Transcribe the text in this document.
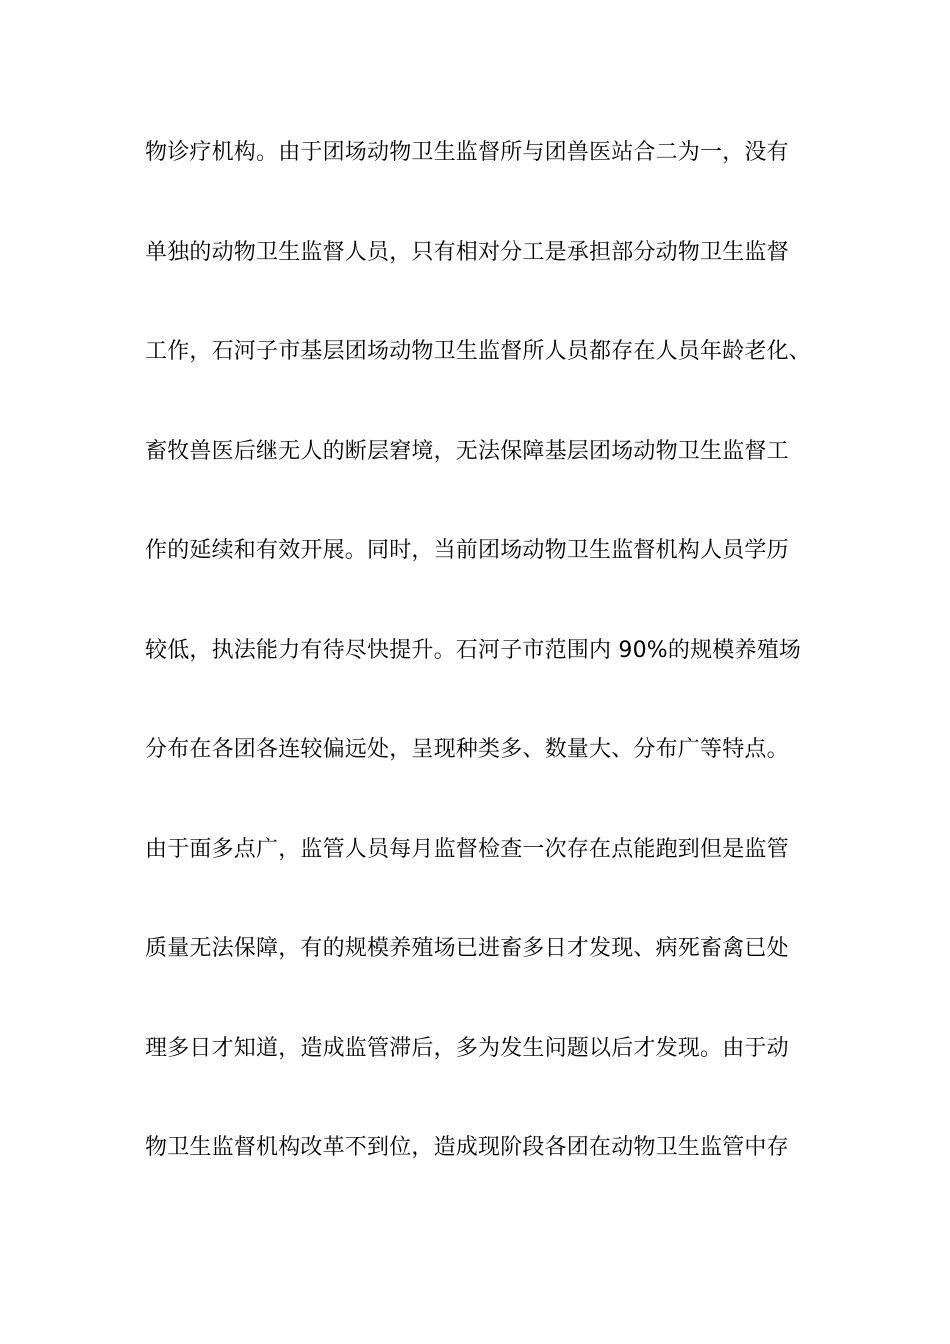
物诊疗机构。由于团场动物卫生监督所与团兽医站合二为一，没有
单独的动物卫生监督人员，只有相对分工是承担部分动物卫生监督
工作，石河子市基层团场动物卫生监督所人员都存在人员年龄老化、
畜牧兽医后继无人的断层窘境，无法保障基层团场动物卫生监督工
作的延续和有效开展。同时，当前团场动物卫生监督机构人员学历
较低，执法能力有待尽快提升。石河子市范围内 90%的规模养殖场
分布在各团各连较偏远处，呈现种类多、数量大、分布广等特点。
由于面多点广，监管人员每月监督检查一次存在点能跑到但是监管
质量无法保障，有的规模养殖场已进畜多日才发现、病死畜禽已处
理多日才知道，造成监管滞后，多为发生问题以后才发现。由于动
物卫生监督机构改革不到位，造成现阶段各团在动物卫生监管中存
